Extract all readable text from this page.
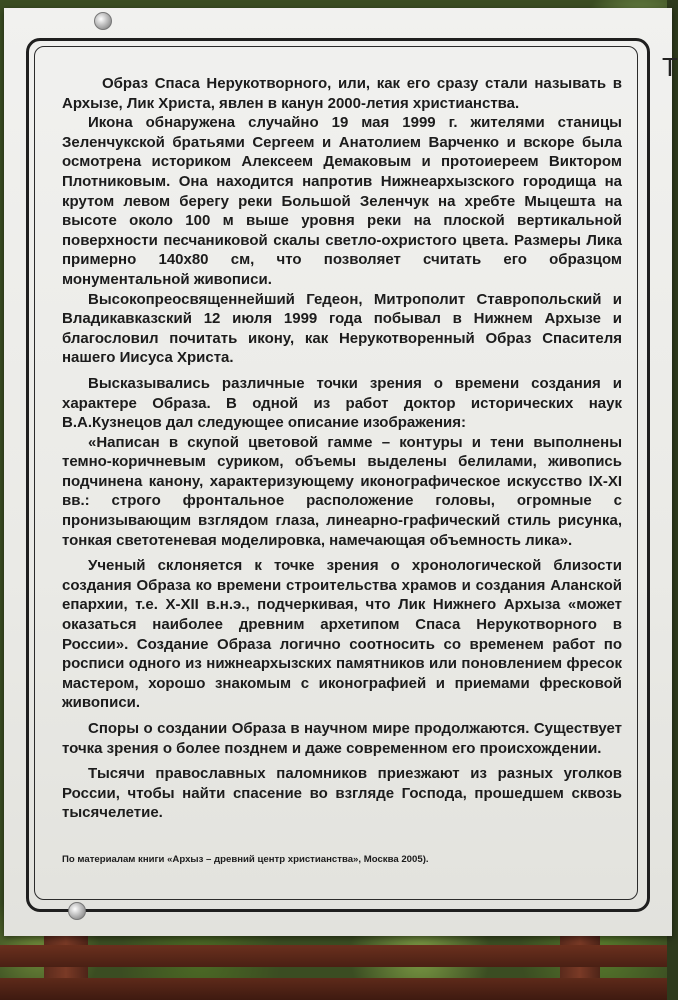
Т

Образ Спаса Нерукотворного, или, как его сразу стали называть в Архызе, Лик Христа, явлен в канун 2000-летия христианства.

Икона обнаружена случайно 19 мая 1999 г. жителями станицы Зеленчукской братьями Сергеем и Анатолием Варченко и вскоре была осмотрена историком Алексеем Демаковым и протоиереем Виктором Плотниковым. Она находится напротив Нижнеархызского городища на крутом левом берегу реки Большой Зеленчук на хребте Мыцешта на высоте около 100 м выше уровня реки на плоской вертикальной поверхности песчаниковой скалы светло-охристого цвета. Размеры Лика примерно 140х80 см, что позволяет считать его образцом монументальной живописи.

Высокопреосвященнейший Гедеон, Митрополит Ставропольский и Владикавказский 12 июля 1999 года побывал в Нижнем Архызе и благословил почитать икону, как Нерукотворенный Образ Спасителя нашего Иисуса Христа.

Высказывались различные точки зрения о времени создания и характере Образа. В одной из работ доктор исторических наук В.А.Кузнецов дал следующее описание изображения:

«Написан в скупой цветовой гамме – контуры и тени выполнены темно-коричневым суриком, объемы выделены белилами, живопись подчинена канону, характеризующему иконографическое искусство IX-XI вв.: строго фронтальное расположение головы, огромные с пронизывающим взглядом глаза, линеарно-графический стиль рисунка, тонкая светотеневая моделировка, намечающая объемность лика».

Ученый склоняется к точке зрения о хронологической близости создания Образа ко времени строительства храмов и создания Аланской епархии, т.е. X-XII в.н.э., подчеркивая, что Лик Нижнего Архыза «может оказаться наиболее древним архетипом Спаса Нерукотворного в России». Создание Образа логично соотносить со временем работ по росписи одного из нижнеархызских памятников или поновлением фресок мастером, хорошо знакомым с иконографией и приемами фресковой живописи.

Споры о создании Образа в научном мире продолжаются. Существует точка зрения о более позднем и даже современном его происхождении.

Тысячи православных паломников приезжают из разных уголков России, чтобы найти спасение во взгляде Господа, прошедшем сквозь тысячелетие.

По материалам книги «Архыз – древний центр христианства», Москва 2005).
